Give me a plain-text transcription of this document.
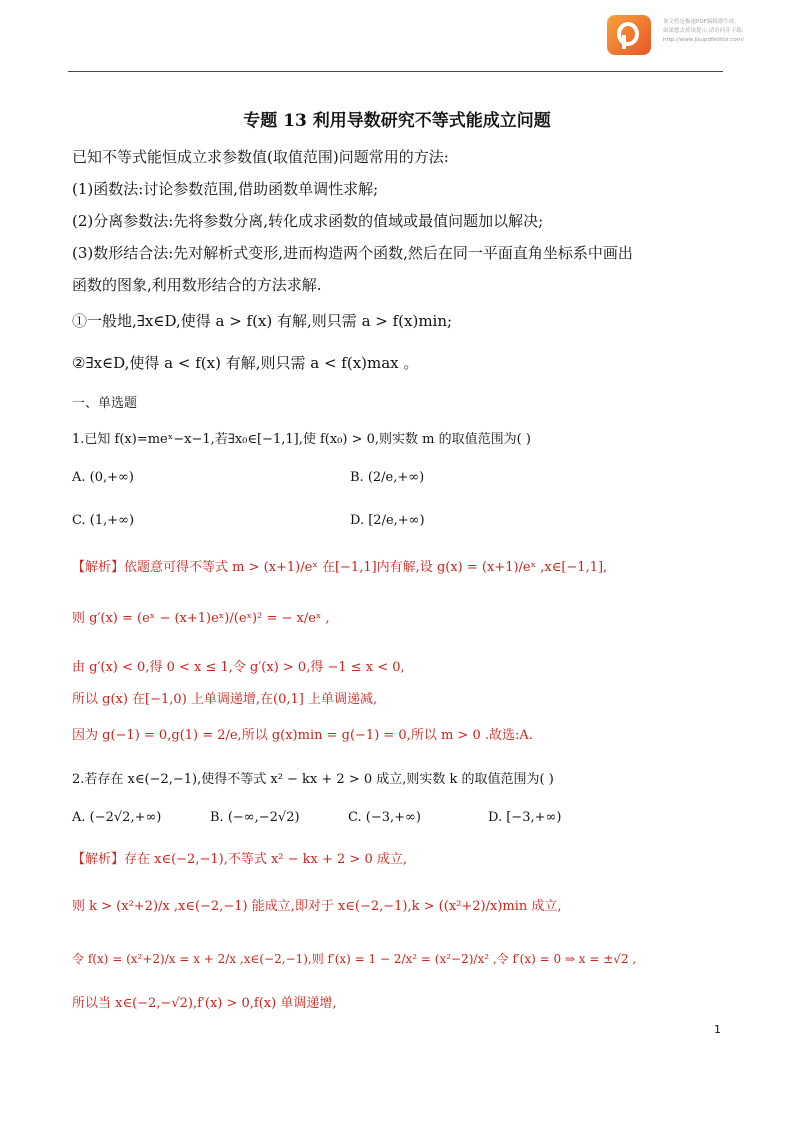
该文档是极速PDF编辑器生成,
如果想去掉该提示,请访问并下载:
http://www.jisupdfeditor.com/
专题 13 利用导数研究不等式能成立问题
已知不等式能恒成立求参数值(取值范围)问题常用的方法:
(1)函数法:讨论参数范围,借助函数单调性求解;
(2)分离参数法:先将参数分离,转化成求函数的值域或最值问题加以解决;
(3)数形结合法:先对解析式变形,进而构造两个函数,然后在同一平面直角坐标系中画出
函数的图象,利用数形结合的方法求解.
①一般地,∃x∈D,使得 a > f(x) 有解,则只需 a > f(x)min;
②∃x∈D,使得 a < f(x) 有解,则只需 a < f(x)max 。
一、单选题
1.已知 f(x)=meˣ−x−1,若∃x₀∈[−1,1],使 f(x₀) > 0,则实数 m 的取值范围为( )
A. (0,+∞)	B. (2/e,+∞)
C. (1,+∞)	D. [2/e,+∞)
【解析】依题意可得不等式 m > (x+1)/eˣ 在[−1,1]内有解,设 g(x) = (x+1)/eˣ ,x∈[−1,1],
则 g′(x) = (eˣ − (x+1)eˣ)/(eˣ)² = − x/eˣ ,
由 g′(x) < 0,得 0 < x ≤ 1,令 g′(x) > 0,得 −1 ≤ x < 0,
所以 g(x) 在[−1,0) 上单调递增,在(0,1] 上单调递减,
因为 g(−1) = 0,g(1) = 2/e,所以 g(x)min = g(−1) = 0,所以 m > 0 .故选:A.
2.若存在 x∈(−2,−1),使得不等式 x² − kx + 2 > 0 成立,则实数 k 的取值范围为( )
A. (−2√2,+∞)	B. (−∞,−2√2)	C. (−3,+∞)	D. [−3,+∞)
【解析】存在 x∈(−2,−1),不等式 x² − kx + 2 > 0 成立,
则 k > (x²+2)/x ,x∈(−2,−1) 能成立,即对于 x∈(−2,−1),k > ((x²+2)/x)min 成立,
令 f(x) = (x²+2)/x = x + 2/x ,x∈(−2,−1),则 f′(x) = 1 − 2/x² = (x²−2)/x² ,令 f′(x) = 0 ⇒ x = ±√2 ,
所以当 x∈(−2,−√2),f′(x) > 0,f(x) 单调递增,
1
